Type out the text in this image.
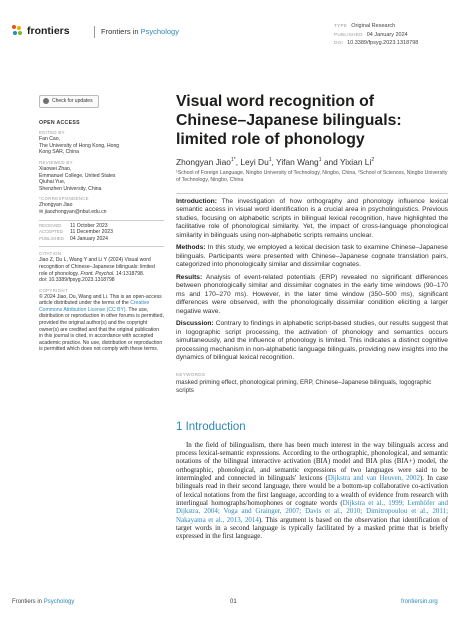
frontiers	Frontiers in Psychology
TYPE Original Research
PUBLISHED 04 January 2024
DOI 10.3389/fpsyg.2023.1318798
Check for updates
OPEN ACCESS
EDITED BY
Fan Cao,
The University of Hong Kong, Hong
Kong SAR, China
REVIEWED BY
Xiaowei Zhao,
Emmanuel College, United States
Qiuhai Yue,
Shenzhen University, China
*CORRESPONDENCE
Zhongyan Jiao
✉ jiaozhongyan@nbut.edu.cn
RECEIVED	11 October 2023
ACCEPTED	11 December 2023
PUBLISHED	04 January 2024
CITATION
Jiao Z, Du L, Wang Y and Li Y (2024) Visual word recognition of Chinese–Japanese bilinguals: limited role of phonology. Front. Psychol. 14:1318798.
doi: 10.3389/fpsyg.2023.1318798
COPYRIGHT
© 2024 Jiao, Du, Wang and Li. This is an open-access article distributed under the terms of the Creative Commons Attribution License (CC BY). The use, distribution or reproduction in other forums is permitted, provided the original author(s) and the copyright owner(s) are credited and that the original publication in this journal is cited, in accordance with accepted academic practice. No use, distribution or reproduction is permitted which does not comply with these terms.
Visual word recognition of Chinese–Japanese bilinguals: limited role of phonology
Zhongyan Jiao$^{1*}$, Leyi Du$^1$, Yifan Wang$^1$ and Yixian Li$^2$
¹School of Foreign Language, Ningbo University of Technology, Ningbo, China, ²School of Sciences, Ningbo University of Technology, Ningbo, China

Introduction: The investigation of how orthography and phonology influence lexical semantic access in visual word identification is a crucial area in psycholinguistics. Previous studies, focusing on alphabetic scripts in bilingual lexical recognition, have highlighted the facilitative role of phonological similarity. Yet, the impact of cross-language phonological similarity in bilinguals using non-alphabetic scripts remains unclear.

Methods: In this study, we employed a lexical decision task to examine Chinese–Japanese bilinguals. Participants were presented with Chinese–Japanese cognate translation pairs, categorized into phonologically similar and dissimilar cognates.

Results: Analysis of event-related potentials (ERP) revealed no significant differences between phonologically similar and dissimilar cognates in the early time windows (90–170 ms and 170–270 ms). However, in the later time window (350–500 ms), significant differences were observed, with the phonologically dissimilar condition eliciting a larger negative wave.

Discussion: Contrary to findings in alphabetic script-based studies, our results suggest that in logographic script processing, the activation of phonology and semantics occurs simultaneously, and the influence of phonology is limited. This indicates a distinct cognitive processing mechanism in non-alphabetic language bilinguals, providing new insights into the dynamics of bilingual lexical recognition.

KEYWORDS
masked priming effect, phonological priming, ERP, Chinese–Japanese bilinguals, logographic scripts
1 Introduction
In the field of bilingualism, there has been much interest in the way bilinguals access and process lexical-semantic expressions. According to the orthographic, phonological, and semantic notations of the bilingual interactive activation (BIA) model and BIA plus (BIA+) model, the orthographic, phonological, and semantic expressions of two languages were said to be intermingled and connected in bilinguals' lexicons (Dijkstra and van Heuven, 2002). In case bilinguals read in their second language, there would be a bottom-up collaborative co-activation of lexical notations from the first language, according to a wealth of evidence from research with interlingual homographs/homophones or cognate words (Dijkstra et al., 1999; Lemhöfer and Dijkstra, 2004; Voga and Grainger, 2007; Davis et al., 2010; Dimitropoulou et al., 2011; Nakayama et al., 2013, 2014). This argument is based on the observation that identification of target words in a second language is typically facilitated by a masked prime that is briefly expressed in the first language.
Frontiers in Psychology	01	frontiersin.org
